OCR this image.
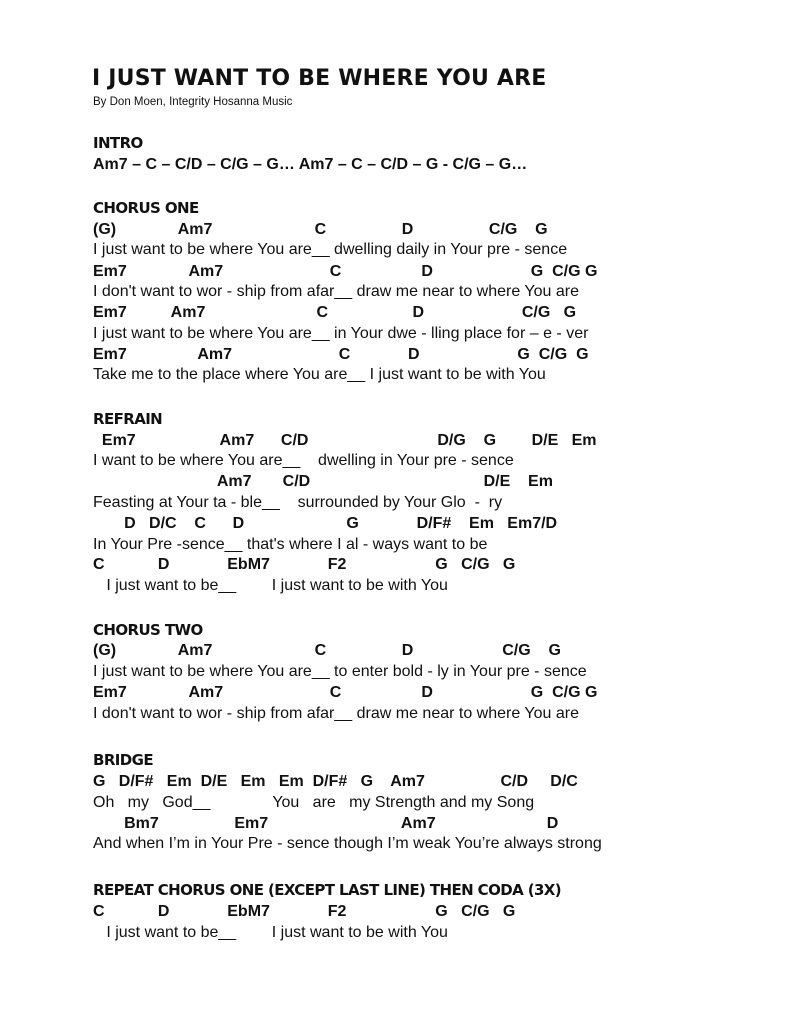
I JUST WANT TO BE WHERE YOU ARE
By Don Moen, Integrity Hosanna Music
INTRO
Am7 – C – C/D – C/G – G… Am7 – C – C/D – G - C/G – G…
CHORUS ONE
(G)              Am7                       C                 D                 C/G    G
I just want to be where You are__ dwelling daily in Your pre - sence
Em7              Am7                        C                  D                      G  C/G G
I don't want to wor - ship from afar__ draw me near to where You are
Em7          Am7                         C                   D                      C/G   G
I just want to be where You are__ in Your dwe - lling place for – e - ver
Em7                Am7                        C             D                      G  C/G  G
Take me to the place where You are__ I just want to be with You
REFRAIN
Em7                   Am7      C/D                             D/G    G        D/E   Em
I want to be where You are__    dwelling in Your pre - sence
Am7       C/D                                       D/E    Em
Feasting at Your ta - ble__    surrounded by Your Glo  -  ry
D   D/C    C      D                       G             D/F#    Em   Em7/D
In Your Pre -sence__ that's where I al - ways want to be
C            D             EbM7             F2                    G   C/G   G
I just want to be__        I just want to be with You
CHORUS TWO
(G)              Am7                       C                 D                    C/G    G
I just want to be where You are__ to enter bold - ly in Your pre - sence
Em7              Am7                        C                  D                      G  C/G G
I don't want to wor - ship from afar__ draw me near to where You are
BRIDGE
G   D/F#   Em  D/E   Em   Em  D/F#   G    Am7                 C/D     D/C
Oh   my   God__              You   are   my Strength and my Song
Bm7                 Em7                              Am7                         D
And when I’m in Your Pre - sence though I’m weak You’re always strong
REPEAT CHORUS ONE (EXCEPT LAST LINE) THEN CODA (3X)
C            D             EbM7             F2                    G   C/G   G
I just want to be__        I just want to be with You
